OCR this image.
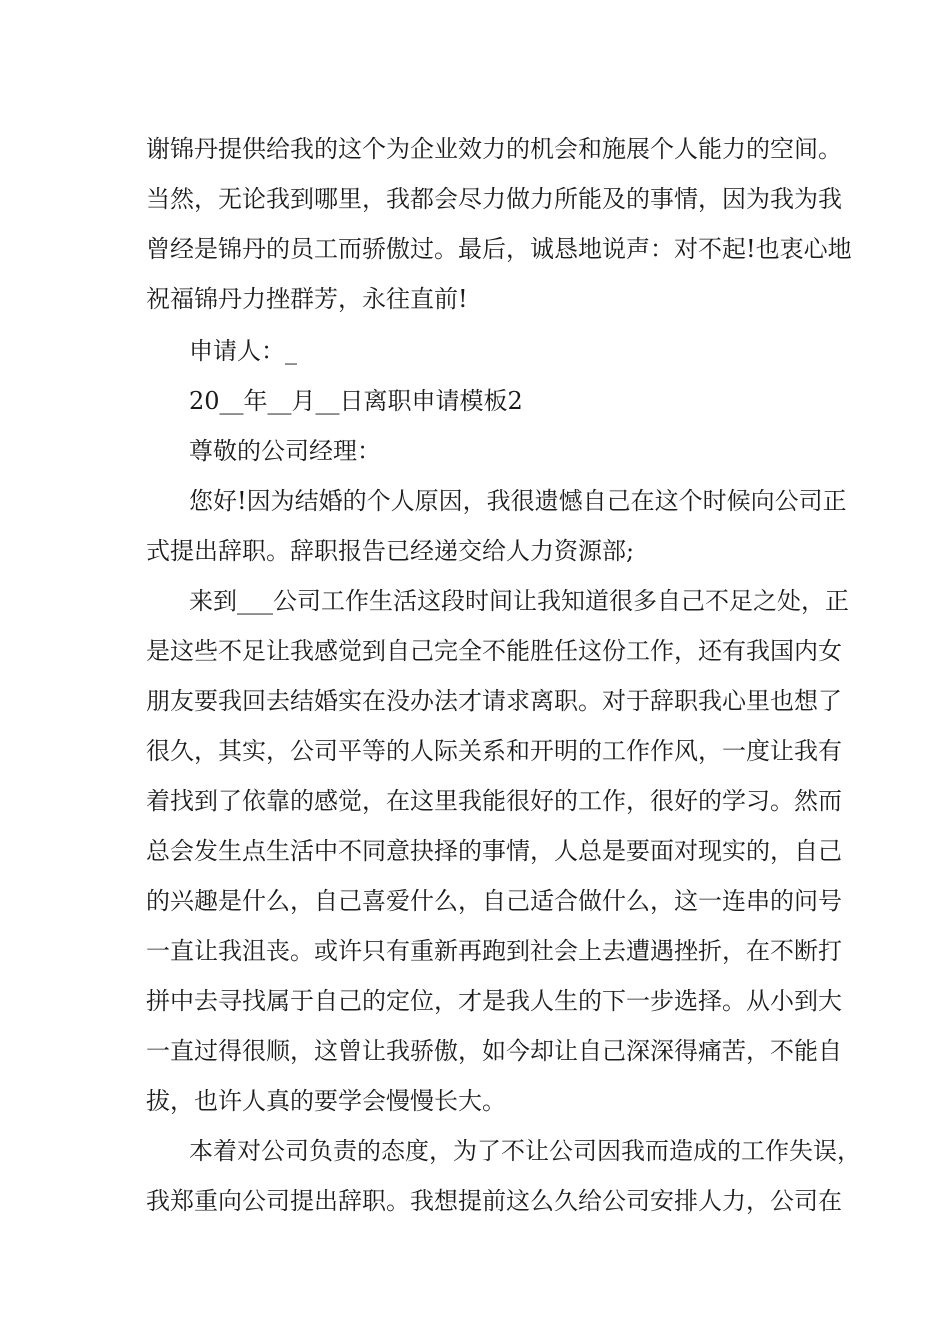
谢锦丹提供给我的这个为企业效力的机会和施展个人能力的空间。
当然，无论我到哪里，我都会尽力做力所能及的事情，因为我为我
曾经是锦丹的员工而骄傲过。最后，诚恳地说声：对不起!也衷心地
祝福锦丹力挫群芳，永往直前!
申请人：_
20__年__月__日离职申请模板2
尊敬的公司经理：
您好!因为结婚的个人原因，我很遗憾自己在这个时候向公司正
式提出辞职。辞职报告已经递交给人力资源部;
来到___公司工作生活这段时间让我知道很多自己不足之处，正
是这些不足让我感觉到自己完全不能胜任这份工作，还有我国内女
朋友要我回去结婚实在没办法才请求离职。对于辞职我心里也想了
很久，其实，公司平等的人际关系和开明的工作作风，一度让我有
着找到了依靠的感觉，在这里我能很好的工作，很好的学习。然而
总会发生点生活中不同意抉择的事情，人总是要面对现实的，自己
的兴趣是什么，自己喜爱什么，自己适合做什么，这一连串的问号
一直让我沮丧。或许只有重新再跑到社会上去遭遇挫折，在不断打
拼中去寻找属于自己的定位，才是我人生的下一步选择。从小到大
一直过得很顺，这曾让我骄傲，如今却让自己深深得痛苦，不能自
拔，也许人真的要学会慢慢长大。
本着对公司负责的态度，为了不让公司因我而造成的工作失误，
我郑重向公司提出辞职。我想提前这么久给公司安排人力，公司在
